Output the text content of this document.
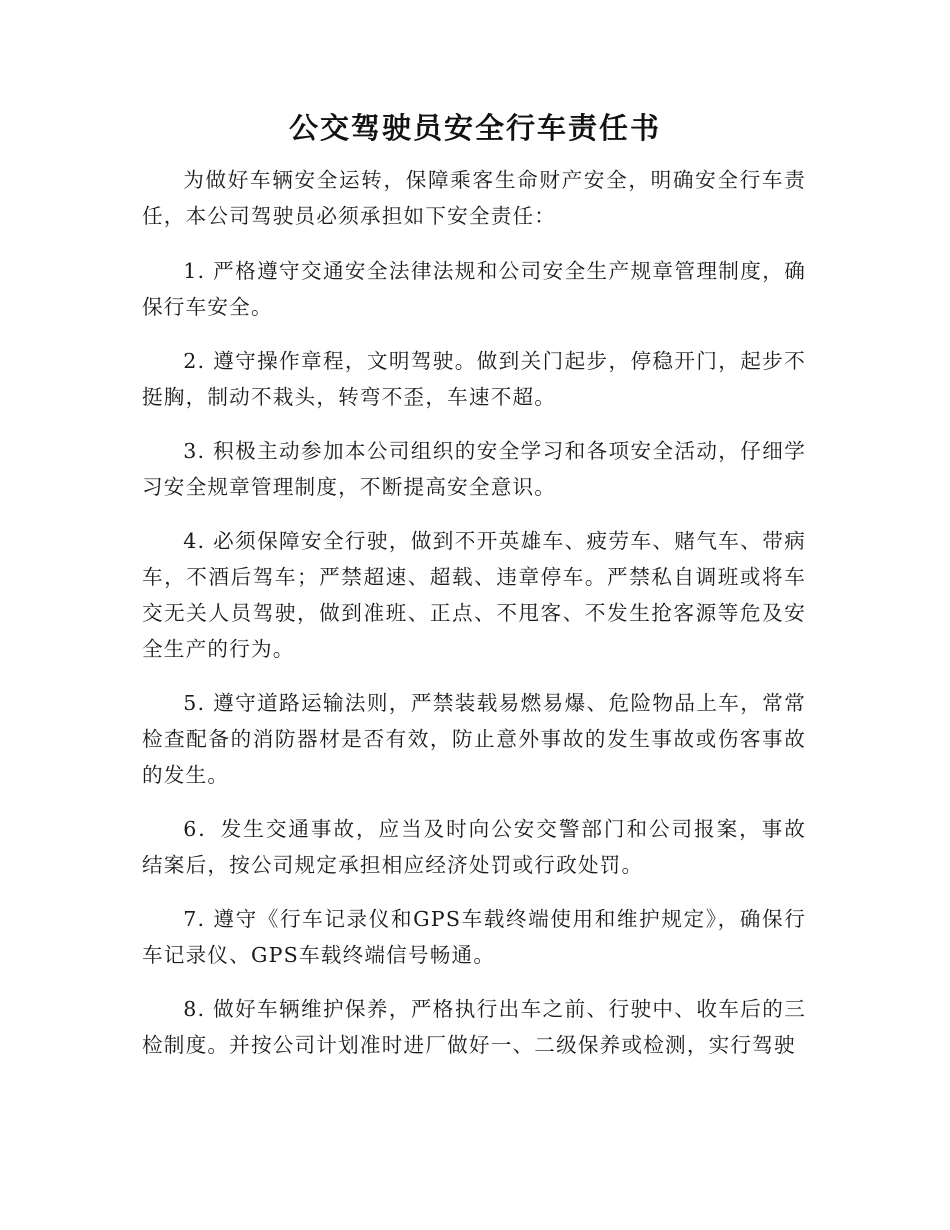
公交驾驶员安全行车责任书

为做好车辆安全运转，保障乘客生命财产安全，明确安全行车责任，本公司驾驶员必须承担如下安全责任：

1. 严格遵守交通安全法律法规和公司安全生产规章管理制度，确保行车安全。

2. 遵守操作章程，文明驾驶。做到关门起步，停稳开门，起步不挺胸，制动不栽头，转弯不歪，车速不超。

3. 积极主动参加本公司组织的安全学习和各项安全活动，仔细学习安全规章管理制度，不断提高安全意识。

4. 必须保障安全行驶，做到不开英雄车、疲劳车、赌气车、带病车，不酒后驾车；严禁超速、超载、违章停车。严禁私自调班或将车交无关人员驾驶，做到准班、正点、不甩客、不发生抢客源等危及安全生产的行为。

5. 遵守道路运输法则，严禁装载易燃易爆、危险物品上车，常常检查配备的消防器材是否有效，防止意外事故的发生事故或伤客事故的发生。

6．发生交通事故，应当及时向公安交警部门和公司报案，事故结案后，按公司规定承担相应经济处罚或行政处罚。

7. 遵守《行车记录仪和GPS车载终端使用和维护规定》，确保行车记录仪、GPS车载终端信号畅通。

8. 做好车辆维护保养，严格执行出车之前、行驶中、收车后的三检制度。并按公司计划准时进厂做好一、二级保养或检测，实行驾驶
